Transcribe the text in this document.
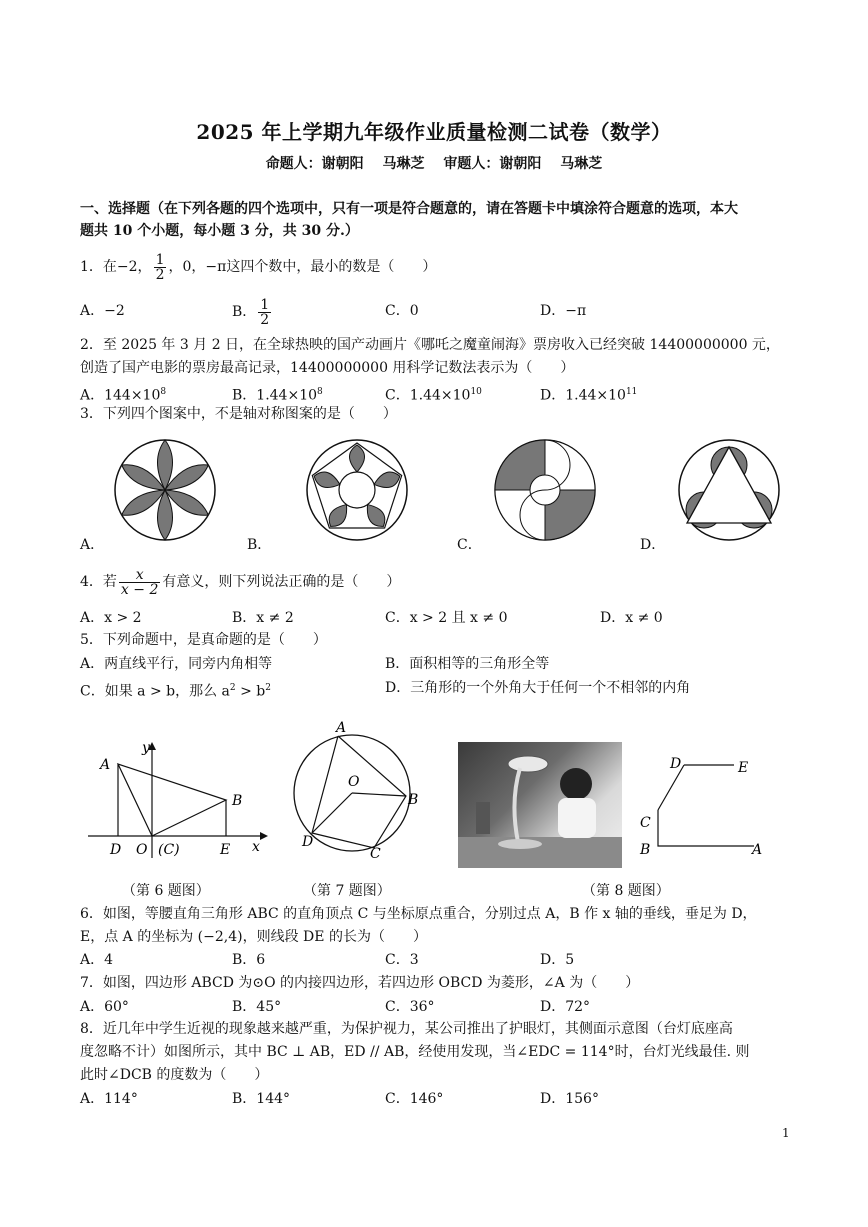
2025 年上学期九年级作业质量检测二试卷（数学）
命题人：谢朝阳　 马琳芝　 审题人：谢朝阳　 马琳芝
一、选择题（在下列各题的四个选项中，只有一项是符合题意的，请在答题卡中填涂符合题意的选项，本大
题共 10 个小题，每小题 3 分，共 30 分.）
1．在 −2， $\frac{1}{2}$ ，0， −π 这四个数中，最小的数是（　　）
A．−2	B． $\frac{1}{2}$	C．0	D．−π
2．至 2025 年 3 月 2 日，在全球热映的国产动画片《哪吒之魔童闹海》票房收入已经突破 14400000000 元，
创造了国产电影的票房最高记录，14400000000 用科学记数法表示为（　　）
A．$144\times 10^8$	B．$1.44\times 10^8$	C．$1.44\times 10^{10}$	D．$1.44\times 10^{11}$
3．下列四个图案中，不是轴对称图案的是（　　）
A．	B．	C．	D．
4．若 $\frac{x}{x - 2}$ 有意义，则下列说法正确的是（　　）
A．x > 2	B．x ≠ 2	C．x > 2 且 x ≠ 0	D．x ≠ 0
5．下列命题中，是真命题的是（　　）
A．两直线平行，同旁内角相等	B．面积相等的三角形全等
C．如果 a > b，那么 $a^2 > b^2$	D．三角形的一个外角大于任何一个不相邻的内角
A
B
D O (C)	E x
y
A
O
B
D
C
D	E
C
B	A
（第 6 题图）	（第 7 题图）	（第 8 题图）
6．如图，等腰直角三角形 ABC 的直角顶点 C 与坐标原点重合，分别过点 A，B 作 x 轴的垂线，垂足为 D，
E，点 A 的坐标为 (−2,4)，则线段 DE 的长为（　　）
A．4	B．6	C．3	D．5
7．如图，四边形 ABCD 为⊙O 的内接四边形，若四边形 OBCD 为菱形，∠A 为（　　）
A．60°	B．45°	C．36°	D．72°
8．近几年中学生近视的现象越来越严重，为保护视力，某公司推出了护眼灯，其侧面示意图（台灯底座高
度忽略不计）如图所示，其中 BC ⊥ AB，ED // AB，经使用发现，当∠EDC = 114°时，台灯光线最佳. 则
此时∠DCB 的度数为（　　）
A．114°	B．144°	C．146°	D．156°
1
